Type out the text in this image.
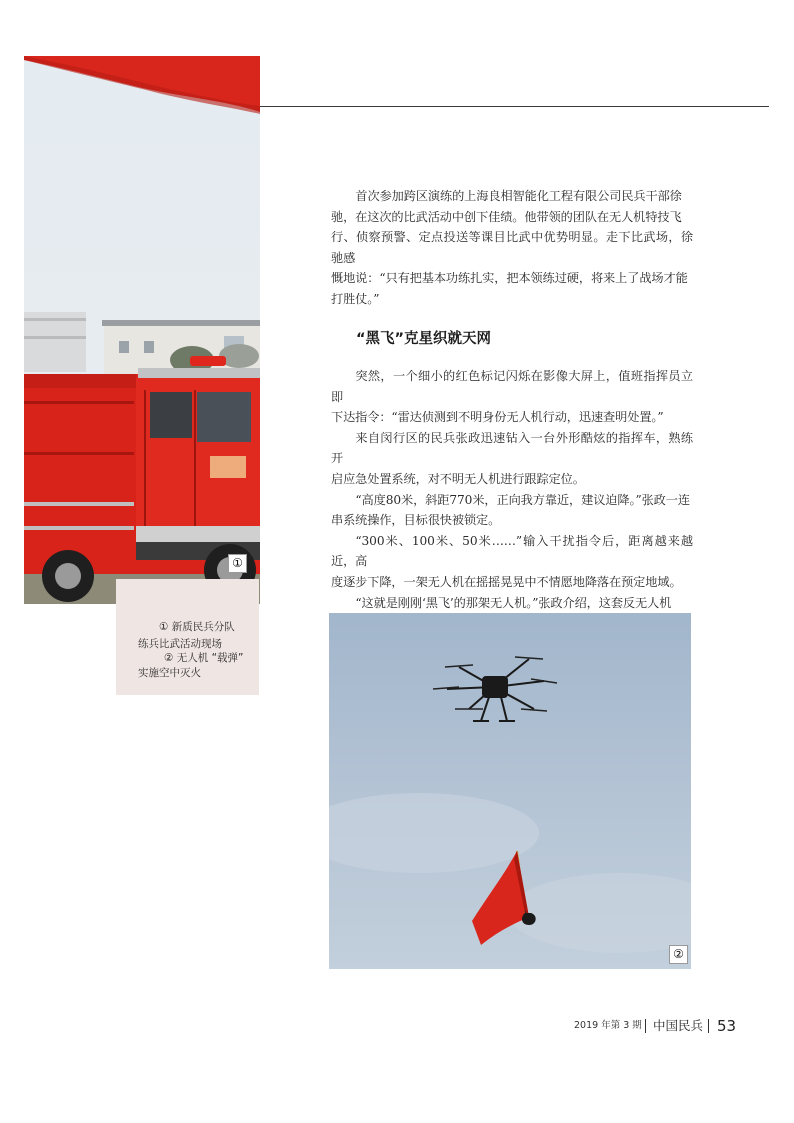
①
① 新质民兵分队
练兵比武活动现场
② 无人机 “载弹”
实施空中灭火
首次参加跨区演练的上海良相智能化工程有限公司民兵干部徐
驰，在这次的比武活动中创下佳绩。他带领的团队在无人机特技飞
行、侦察预警、定点投送等课目比武中优势明显。走下比武场，徐驰感
慨地说：“只有把基本功练扎实，把本领练过硬，将来上了战场才能
打胜仗。”
“黑飞”克星织就天网
突然，一个细小的红色标记闪烁在影像大屏上，值班指挥员立即
下达指令：“雷达侦测到不明身份无人机行动，迅速查明处置。”
来自闵行区的民兵张政迅速钻入一台外形酷炫的指挥车，熟练开
启应急处置系统，对不明无人机进行跟踪定位。
“高度80米，斜距770米，正向我方靠近，建议迫降。”张政一连
串系统操作，目标很快被锁定。
“300米、100米、50米……”输入干扰指令后，距离越来越近，高
度逐步下降，一架无人机在摇摇晃晃中不情愿地降落在预定地域。
“这就是刚刚‘黑飞’的那架无人机。”张政介绍，这套反无人机
②
2019 年第 3 期 中国民兵 53
